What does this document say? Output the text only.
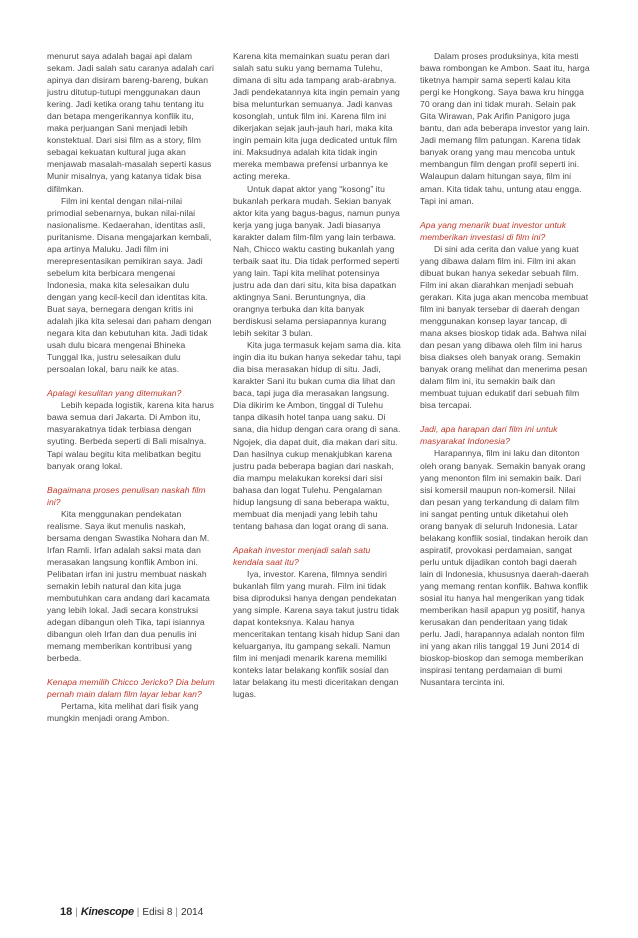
menurut saya adalah bagai api dalam sekam. Jadi salah satu caranya adalah cari apinya dan disiram bareng-bareng, bukan justru ditutup-tutupi menggunakan daun kering. Jadi ketika orang tahu tentang itu dan betapa mengerikannya konflik itu, maka perjuangan Sani menjadi lebih konstektual. Dari sisi film as a story, film sebagai kekuatan kultural juga akan menjawab masalah-masalah seperti kasus Munir misalnya, yang katanya tidak bisa difilmkan.

Film ini kental dengan nilai-nilai primodial sebenarnya, bukan nilai-nilai nasionalisme. Kedaerahan, identitas asli, puritanisme. Disana mengajarkan kembali, apa artinya Maluku. Jadi film ini merepresentasikan pemikiran saya. Jadi sebelum kita berbicara mengenai Indonesia, maka kita selesaikan dulu dengan yang kecil-kecil dan identitas kita. Buat saya, bernegara dengan kritis ini adalah jika kita selesai dan paham dengan negara kita dan kebutuhan kita. Jadi tidak usah dulu bicara mengenai Bhineka Tunggal Ika, justru selesaikan dulu persoalan lokal, baru naik ke atas.

Apalagi kesulitan yang ditemukan?

Lebih kepada logistik, karena kita harus bawa semua dari Jakarta. Di Ambon itu, masyarakatnya tidak terbiasa dengan syuting. Berbeda seperti di Bali misalnya. Tapi walau begitu kita melibatkan begitu banyak orang lokal.

Bagaimana proses penulisan naskah film ini?

Kita menggunakan pendekatan realisme. Saya ikut menulis naskah, bersama dengan Swastika Nohara dan M. Irfan Ramli. Irfan adalah saksi mata dan merasakan langsung konflik Ambon ini. Pelibatan irfan ini justru membuat naskah semakin lebih natural dan kita juga membutuhkan cara andang dari kacamata yang lebih lokal. Jadi secara konstruksi adegan dibangun oleh Tika, tapi isiannya dibangun oleh Irfan dan dua penulis ini memang memberikan kontribusi yang berbeda.

Kenapa memilih Chicco Jericko? Dia belum pernah main dalam film layar lebar kan?

Pertama, kita melihat dari fisik yang mungkin menjadi orang Ambon.

Karena kita memainkan suatu peran dari salah satu suku yang bernama Tulehu, dimana di situ ada tampang arab-arabnya. Jadi pendekatannya kita ingin pemain yang bisa melunturkan semuanya. Jadi kanvas kosonglah, untuk film ini. Karena film ini dikerjakan sejak jauh-jauh hari, maka kita ingin pemain kita juga dedicated untuk film ini. Maksudnya adalah kita tidak ingin mereka membawa prefensi urbannya ke acting mereka.

Untuk dapat aktor yang “kosong” itu bukanlah perkara mudah. Sekian banyak aktor kita yang bagus-bagus, namun punya kerja yang juga banyak. Jadi biasanya karakter dalam film-film yang lain terbawa. Nah, Chicco waktu casting bukanlah yang terbaik saat itu. Dia tidak performed seperti yang lain. Tapi kita melihat potensinya justru ada dan dari situ, kita bisa dapatkan aktingnya Sani. Beruntungnya, dia orangnya terbuka dan kita banyak berdiskusi selama persiapannya kurang lebih sekitar 3 bulan.

Kita juga termasuk kejam sama dia. kita ingin dia itu bukan hanya sekedar tahu, tapi dia bisa merasakan hidup di situ. Jadi, karakter Sani itu bukan cuma dia lihat dan baca, tapi juga dia merasakan langsung. Dia dikirim ke Ambon, tinggal di Tulehu tanpa dikasih hotel tanpa uang saku. Di sana, dia hidup dengan cara orang di sana. Ngojek, dia dapat duit, dia makan dari situ. Dan hasilnya cukup menakjubkan karena justru pada beberapa bagian dari naskah, dia mampu melakukan koreksi dari sisi bahasa dan logat Tulehu. Pengalaman hidup langsung di sana beberapa waktu, membuat dia menjadi yang lebih tahu tentang bahasa dan logat orang di sana.

Apakah investor menjadi salah satu kendala saat itu?

Iya, investor. Karena, filmnya sendiri bukanlah film yang murah. Film ini tidak bisa diproduksi hanya dengan pendekatan yang simple. Karena saya takut justru tidak dapat konteksnya. Kalau hanya menceritakan tentang kisah hidup Sani dan keluarganya, itu gampang sekali. Namun film ini menjadi menarik karena memiliki konteks latar belakang konflik sosial dan latar belakang itu mesti diceritakan dengan lugas.

Dalam proses produksinya, kita mesti bawa rombongan ke Ambon. Saat itu, harga tiketnya hampir sama seperti kalau kita pergi ke Hongkong. Saya bawa kru hingga 70 orang dan ini tidak murah. Selain pak Gita Wirawan, Pak Arifin Panigoro juga bantu, dan ada beberapa investor yang lain. Jadi memang film patungan. Karena tidak banyak orang yang mau mencoba untuk membangun film dengan profil seperti ini. Walaupun dalam hitungan saya, film ini aman. Kita tidak tahu, untung atau engga. Tapi ini aman.

Apa yang menarik buat investor untuk memberikan investasi di film ini?

Di sini ada cerita dan value yang kuat yang dibawa dalam film ini. Film ini akan dibuat bukan hanya sekedar sebuah film. Film ini akan diarahkan menjadi sebuah gerakan. Kita juga akan mencoba membuat film ini banyak tersebar di daerah dengan menggunakan konsep layar tancap, di mana akses bioskop tidak ada. Bahwa nilai dan pesan yang dibawa oleh film ini harus bisa diakses oleh banyak orang. Semakin banyak orang melihat dan menerima pesan dalam film ini, itu semakin baik dan membuat tujuan edukatif dari sebuah film bisa tercapai.

Jadi, apa harapan dari film ini untuk masyarakat Indonesia?

Harapannya, film ini laku dan ditonton oleh orang banyak. Semakin banyak orang yang menonton film ini semakin baik. Dari sisi komersil maupun non-komersil. Nilai dan pesan yang terkandung di dalam film ini sangat penting untuk diketahui oleh orang banyak di seluruh Indonesia. Latar belakang konflik sosial, tindakan heroik dan aspiratif, provokasi perdamaian, sangat perlu untuk dijadikan contoh bagi daerah lain di Indonesia, khususnya daerah-daerah yang memang rentan konflik. Bahwa konflik sosial itu hanya hal mengerikan yang tidak memberikan hasil apapun yg positif, hanya kerusakan dan penderitaan yang tidak perlu. Jadi, harapannya adalah nonton film ini yang akan rilis tanggal 19 Juni 2014 di bioskop-bioskop dan semoga memberikan inspirasi tentang perdamaian di bumi Nusantara tercinta ini.

18 | Kinescope | Edisi 8 | 2014
